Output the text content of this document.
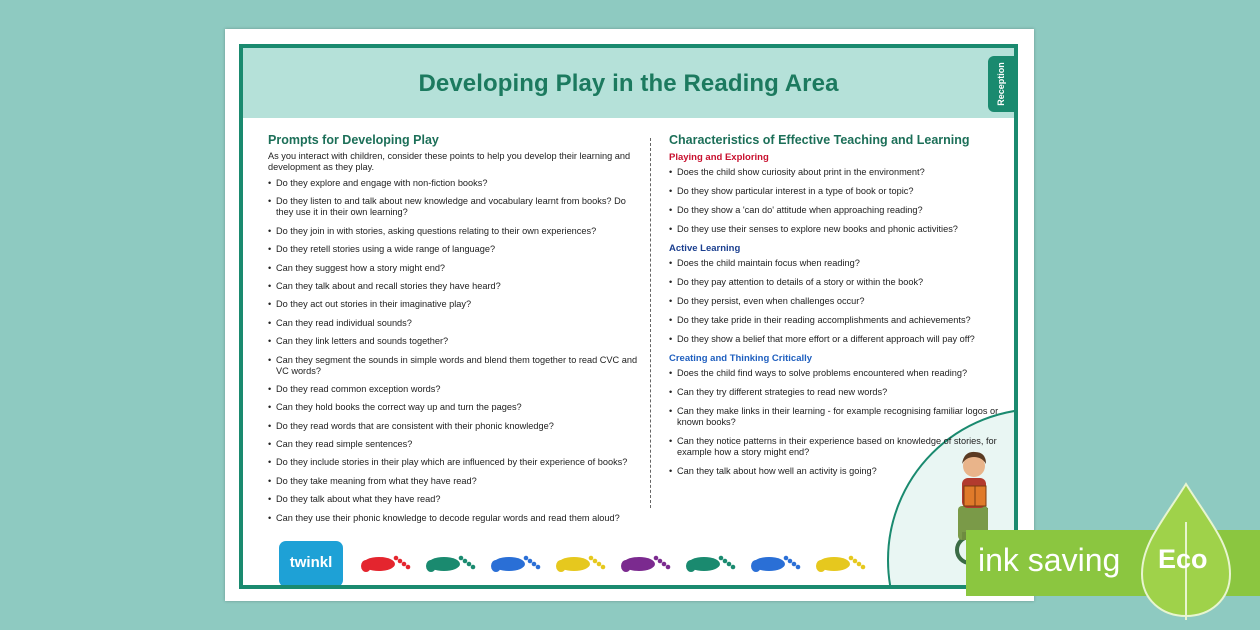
Developing Play in the Reading Area	Reception
Prompts for Developing Play

As you interact with children, consider these points to help you develop their learning and development as they play.

• Do they explore and engage with non-fiction books?
• Do they listen to and talk about new knowledge and vocabulary learnt from books? Do they use it in their own learning?
• Do they join in with stories, asking questions relating to their own experiences?
• Do they retell stories using a wide range of language?
• Can they suggest how a story might end?
• Can they talk about and recall stories they have heard?
• Do they act out stories in their imaginative play?
• Can they read individual sounds?
• Can they link letters and sounds together?
• Can they segment the sounds in simple words and blend them together to read CVC and VC words?
• Do they read common exception words?
• Can they hold books the correct way up and turn the pages?
• Do they read words that are consistent with their phonic knowledge?
• Can they read simple sentences?
• Do they include stories in their play which are influenced by their experience of books?
• Do they take meaning from what they have read?
• Do they talk about what they have read?
• Can they use their phonic knowledge to decode regular words and read them aloud?
Characteristics of Effective Teaching and Learning
Playing and Exploring
• Does the child show curiosity about print in the environment?
• Do they show particular interest in a type of book or topic?
• Do they show a 'can do' attitude when approaching reading?
• Do they use their senses to explore new books and phonic activities?
Active Learning
• Does the child maintain focus when reading?
• Do they pay attention to details of a story or within the book?
• Do they persist, even when challenges occur?
• Do they take pride in their reading accomplishments and achievements?
• Do they show a belief that more effort or a different approach will pay off?
Creating and Thinking Critically
• Does the child find ways to solve problems encountered when reading?
• Can they try different strategies to read new words?
• Can they make links in their learning - for example recognising familiar logos or known books?
• Can they notice patterns in their experience based on knowledge of stories, for example how a story might end?
• Can they talk about how well an activity is going?
twinkl	ink saving Eco
